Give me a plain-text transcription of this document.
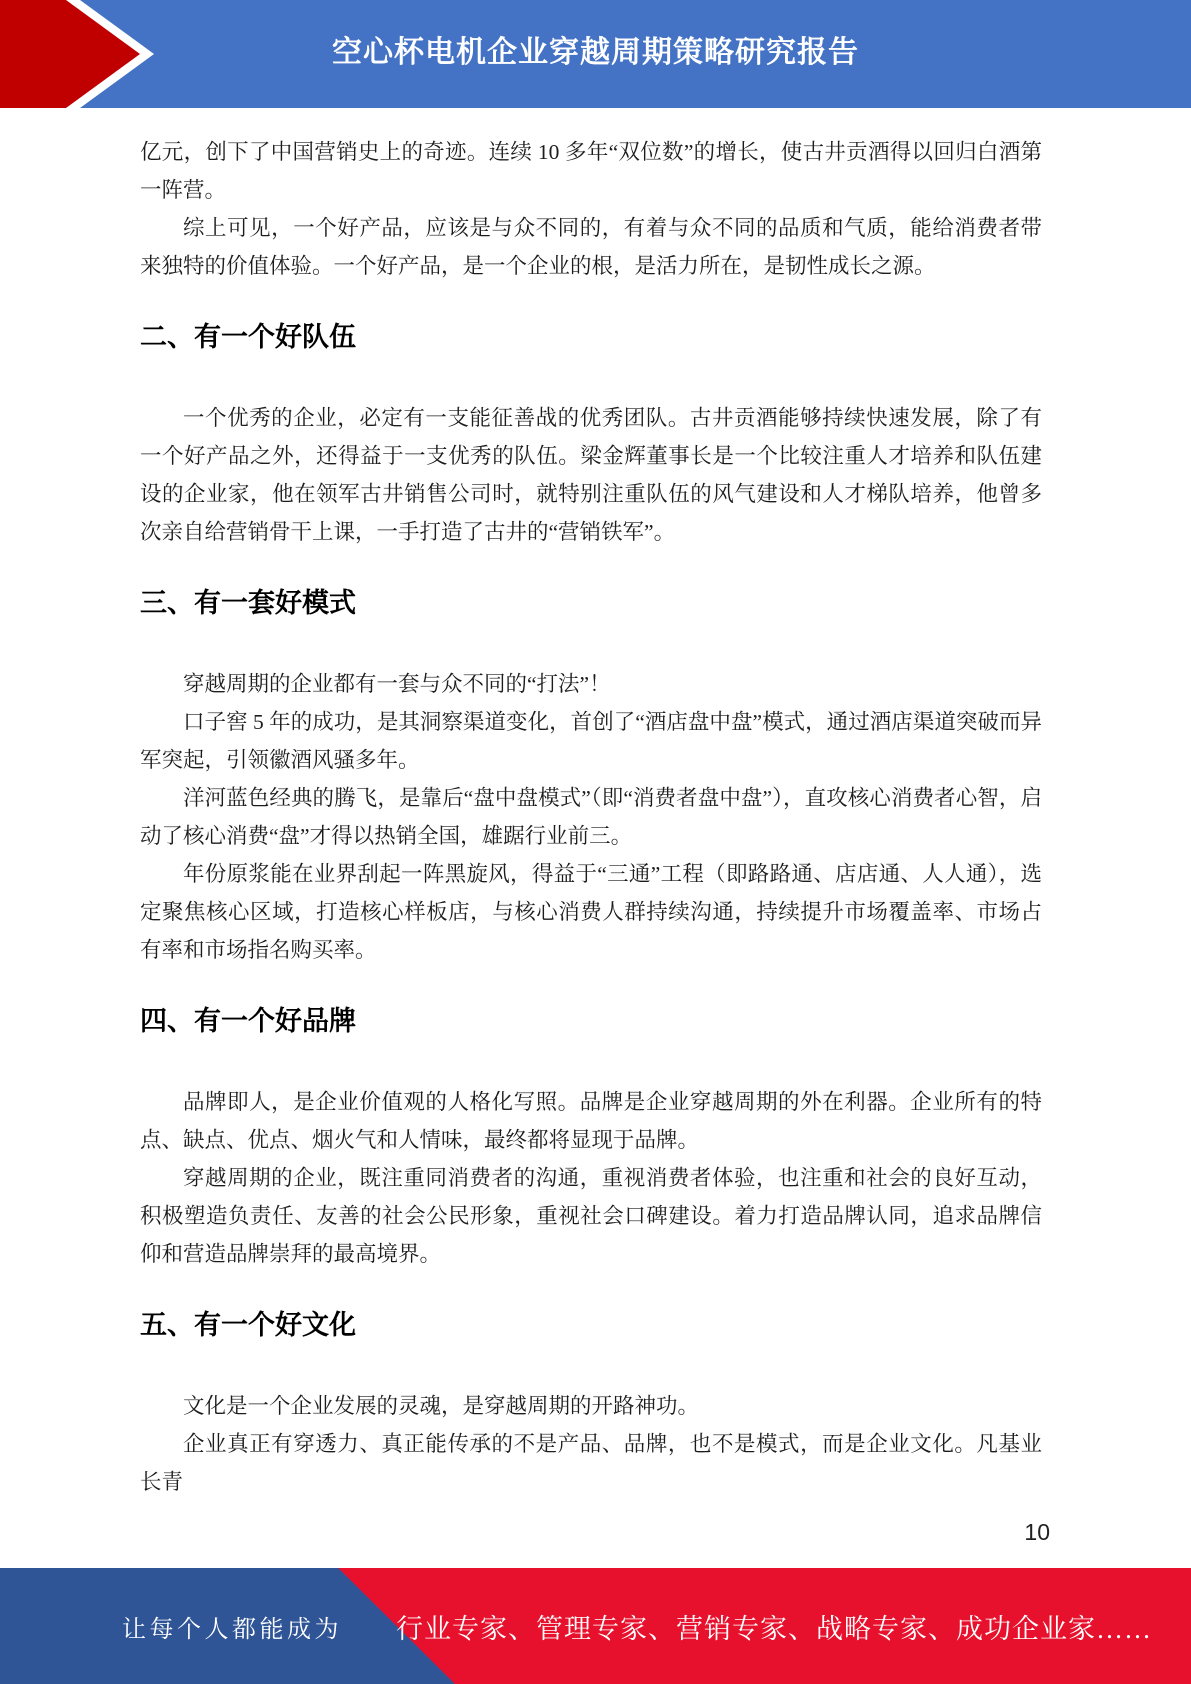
空心杯电机企业穿越周期策略研究报告

亿元，创下了中国营销史上的奇迹。连续 10 多年“双位数”的增长，使古井贡酒得以回归白酒第一阵营。

综上可见，一个好产品，应该是与众不同的，有着与众不同的品质和气质，能给消费者带来独特的价值体验。一个好产品，是一个企业的根，是活力所在，是韧性成长之源。

二、有一个好队伍

一个优秀的企业，必定有一支能征善战的优秀团队。古井贡酒能够持续快速发展，除了有一个好产品之外，还得益于一支优秀的队伍。梁金辉董事长是一个比较注重人才培养和队伍建设的企业家，他在领军古井销售公司时，就特别注重队伍的风气建设和人才梯队培养，他曾多次亲自给营销骨干上课，一手打造了古井的“营销铁军”。

三、有一套好模式

穿越周期的企业都有一套与众不同的“打法”！

口子窖 5 年的成功，是其洞察渠道变化，首创了“酒店盘中盘”模式，通过酒店渠道突破而异军突起，引领徽酒风骚多年。

洋河蓝色经典的腾飞，是靠后“盘中盘模式”（即“消费者盘中盘”），直攻核心消费者心智，启动了核心消费“盘”才得以热销全国，雄踞行业前三。

年份原浆能在业界刮起一阵黑旋风，得益于“三通”工程（即路路通、店店通、人人通），选定聚焦核心区域，打造核心样板店，与核心消费人群持续沟通，持续提升市场覆盖率、市场占有率和市场指名购买率。

四、有一个好品牌

品牌即人，是企业价值观的人格化写照。品牌是企业穿越周期的外在利器。企业所有的特点、缺点、优点、烟火气和人情味，最终都将显现于品牌。

穿越周期的企业，既注重同消费者的沟通，重视消费者体验，也注重和社会的良好互动，积极塑造负责任、友善的社会公民形象，重视社会口碑建设。着力打造品牌认同，追求品牌信仰和营造品牌崇拜的最高境界。

五、有一个好文化

文化是一个企业发展的灵魂，是穿越周期的开路神功。

企业真正有穿透力、真正能传承的不是产品、品牌，也不是模式，而是企业文化。凡基业长青

10
让每个人都能成为 行业专家、管理专家、营销专家、战略专家、成功企业家……
